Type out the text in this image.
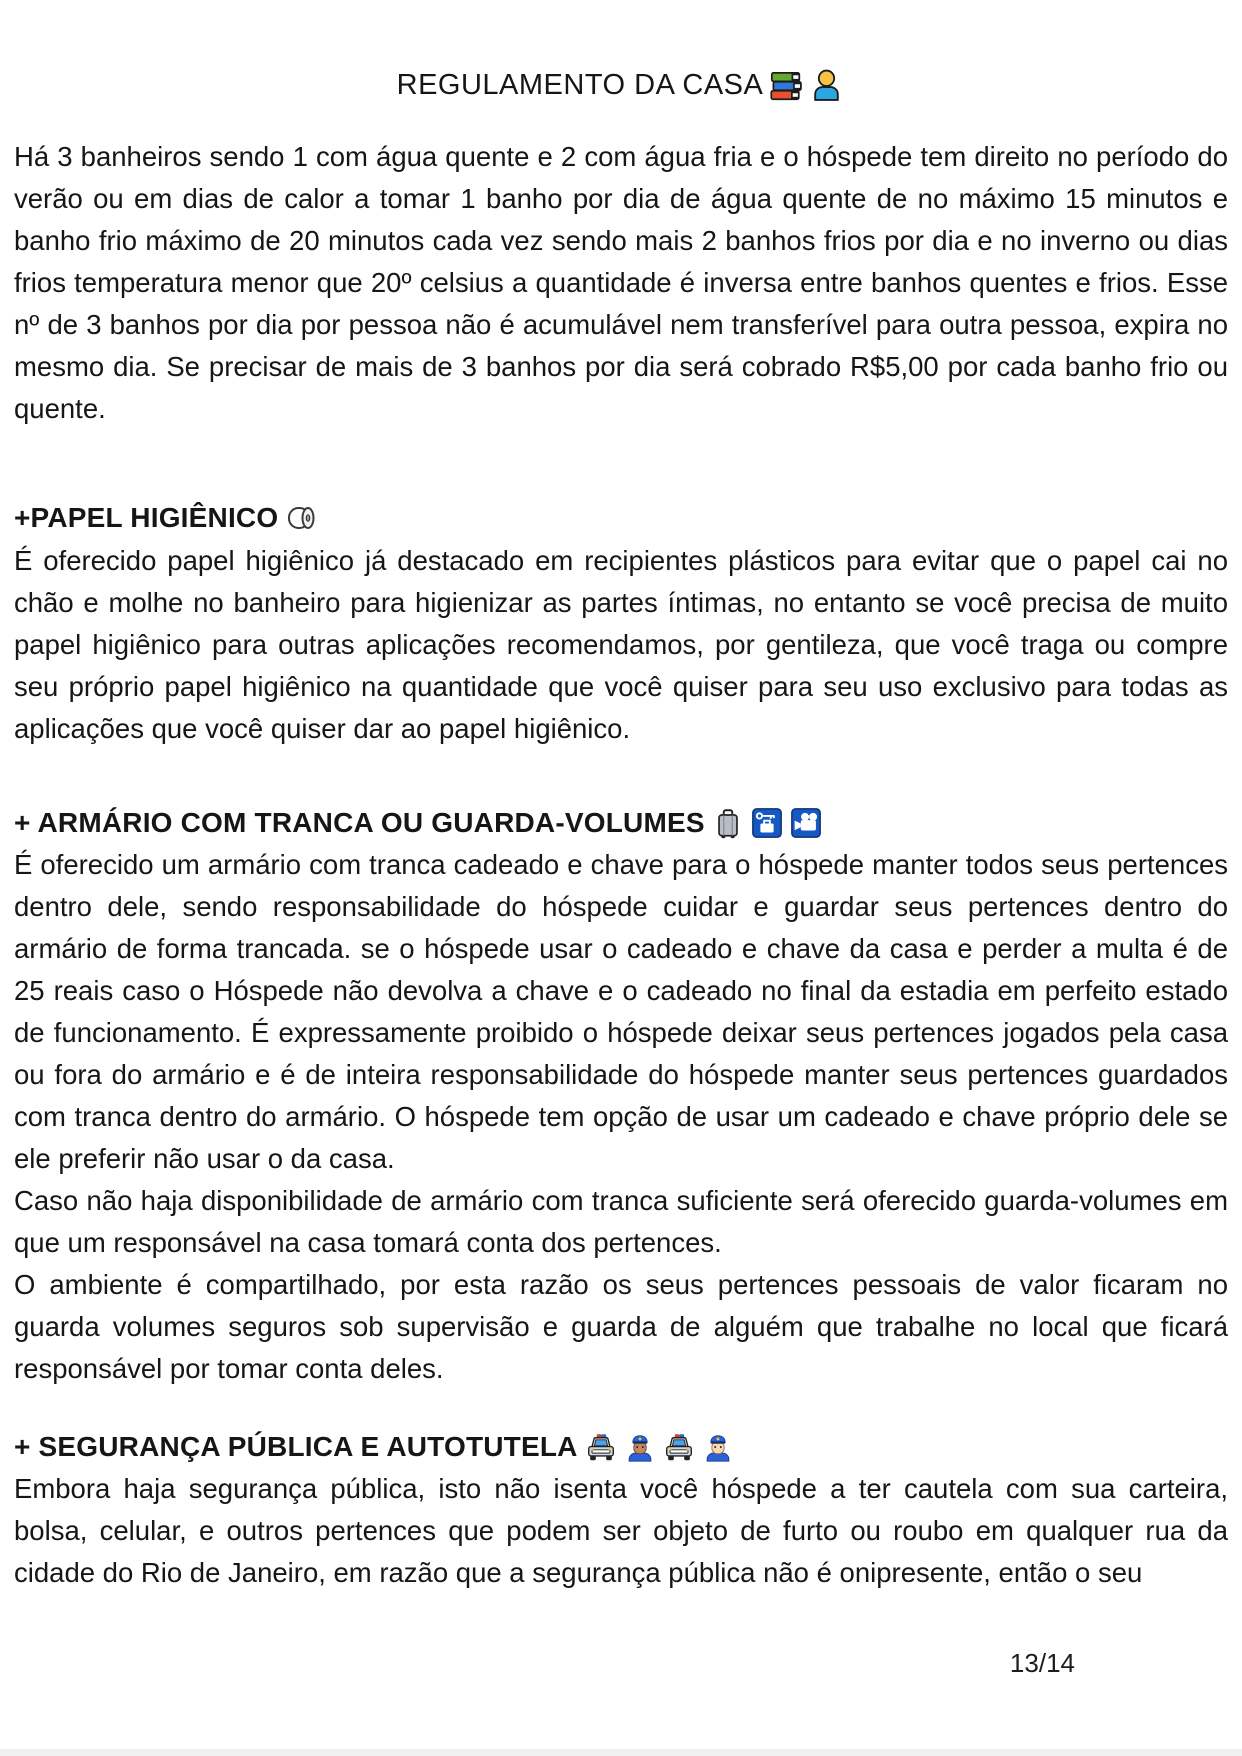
REGULAMENTO DA CASA

Há 3 banheiros sendo 1 com água quente e 2 com água fria e o hóspede tem direito no período do verão ou em dias de calor a tomar 1 banho por dia de água quente de no máximo 15 minutos e banho frio máximo de 20 minutos cada vez sendo mais 2 banhos frios por dia e no inverno ou dias frios temperatura menor que 20º celsius a quantidade é inversa entre banhos quentes e frios. Esse nº de 3 banhos por dia por pessoa não é acumulável nem transferível para outra pessoa, expira no mesmo dia. Se precisar de mais de 3 banhos por dia será cobrado R$5,00 por cada banho frio ou quente.

+PAPEL HIGIÊNICO

É oferecido papel higiênico já destacado em recipientes plásticos para evitar que o papel cai no chão e molhe no banheiro para higienizar as partes íntimas, no entanto se você precisa de muito papel higiênico para outras aplicações recomendamos, por gentileza, que você traga ou compre seu próprio papel higiênico na quantidade que você quiser para seu uso exclusivo para todas as aplicações que você quiser dar ao papel higiênico.

+ ARMÁRIO COM TRANCA OU GUARDA-VOLUMES

É oferecido um armário com tranca cadeado e chave para o hóspede manter todos seus pertences dentro dele, sendo responsabilidade do hóspede cuidar e guardar seus pertences dentro do armário de forma trancada. se o hóspede usar o cadeado e chave da casa e perder a multa é de 25 reais caso o Hóspede não devolva a chave e o cadeado no final da estadia em perfeito estado de funcionamento. É expressamente proibido o hóspede deixar seus pertences jogados pela casa ou fora do armário e é de inteira responsabilidade do hóspede manter seus pertences guardados com tranca dentro do armário. O hóspede tem opção de usar um cadeado e chave próprio dele se ele preferir não usar o da casa.

Caso não haja disponibilidade de armário com tranca suficiente será oferecido guarda-volumes em que um responsável na casa tomará conta dos pertences.

O ambiente é compartilhado, por esta razão os seus pertences pessoais de valor ficaram no guarda volumes seguros sob supervisão e guarda de alguém que trabalhe no local que ficará responsável por tomar conta deles.

+ SEGURANÇA PÚBLICA E AUTOTUTELA

Embora haja segurança pública, isto não isenta você hóspede a ter cautela com sua carteira, bolsa, celular, e outros pertences que podem ser objeto de furto ou roubo em qualquer rua da cidade do Rio de Janeiro, em razão que a segurança pública não é onipresente, então o seu

13/14
